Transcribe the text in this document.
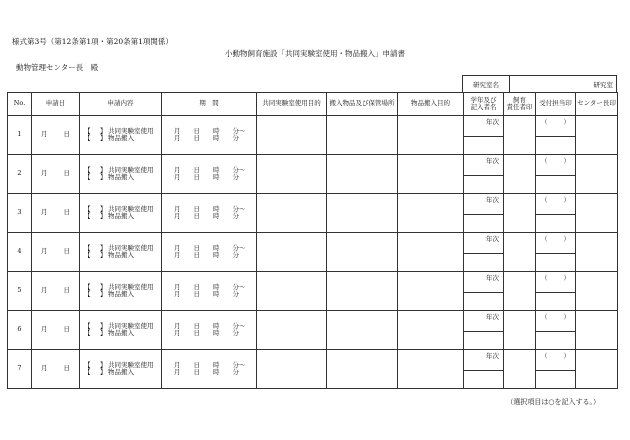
様式第3号（第12条第1項・第20条第1項関係）
小動物飼育施設「共同実験室使用・物品搬入」申請書
動物管理センター長　殿
研究室名	研究室
No.	申請日	申請内容	期　間	共同実験室使用目的	搬入物品及び保管場所	物品搬入目的	学年及び
記入者名	飼育
責任者印	受付担当印	センター長印
1	月 日	【 】 共同実験室使用
【 】 物品搬入	月　　日　　時　　分〜
月　　日　　時　　分				年次		（ ）	

2	月 日	【 】 共同実験室使用
【 】 物品搬入	月　　日　　時　　分〜
月　　日　　時　　分				年次		（ ）	

3	月 日	【 】 共同実験室使用
【 】 物品搬入	月　　日　　時　　分〜
月　　日　　時　　分				年次		（ ）	

4	月 日	【 】 共同実験室使用
【 】 物品搬入	月　　日　　時　　分〜
月　　日　　時　　分				年次		（ ）	

5	月 日	【 】 共同実験室使用
【 】 物品搬入	月　　日　　時　　分〜
月　　日　　時　　分				年次		（ ）	

6	月 日	【 】 共同実験室使用
【 】 物品搬入	月　　日　　時　　分〜
月　　日　　時　　分				年次		（ ）	

7	月 日	【 】 共同実験室使用
【 】 物品搬入	月　　日　　時　　分〜
月　　日　　時　　分				年次		（ ）	

（選択項目は○を記入する。）
